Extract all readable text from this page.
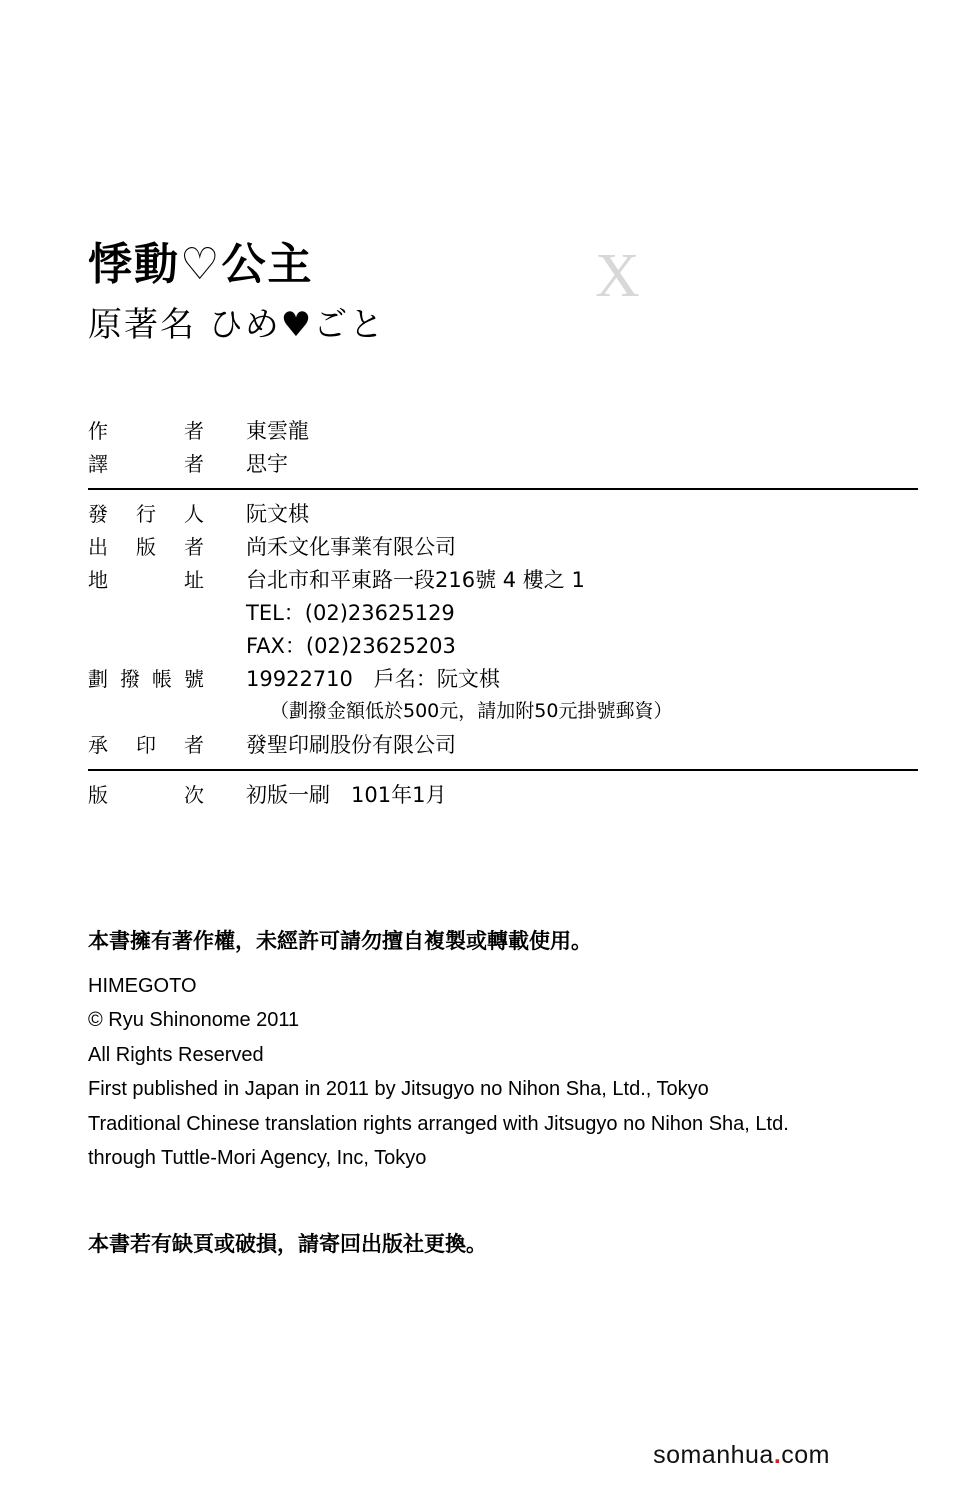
悸動♡公主
原著名 ひめ♥ごと
X
作	者	東雲龍
譯	者	思宇
發 行 人	阮文棋
出 版 者	尚禾文化事業有限公司
地	址	台北市和平東路一段216號 4 樓之 1
TEL：(02)23625129
FAX：(02)23625203
劃 撥 帳 號	19922710　戶名：阮文棋
（劃撥金額低於500元，請加附50元掛號郵資）
承 印 者	發聖印刷股份有限公司
版	次	初版一刷　101年1月

本書擁有著作權，未經許可請勿擅自複製或轉載使用。

HIMEGOTO

© Ryu Shinonome 2011

All Rights Reserved

First published in Japan in 2011 by Jitsugyo no Nihon Sha, Ltd., Tokyo

Traditional Chinese translation rights arranged with Jitsugyo no Nihon Sha, Ltd.

through Tuttle-Mori Agency, Inc, Tokyo

本書若有缺頁或破損，請寄回出版社更換。
somanhua.com
